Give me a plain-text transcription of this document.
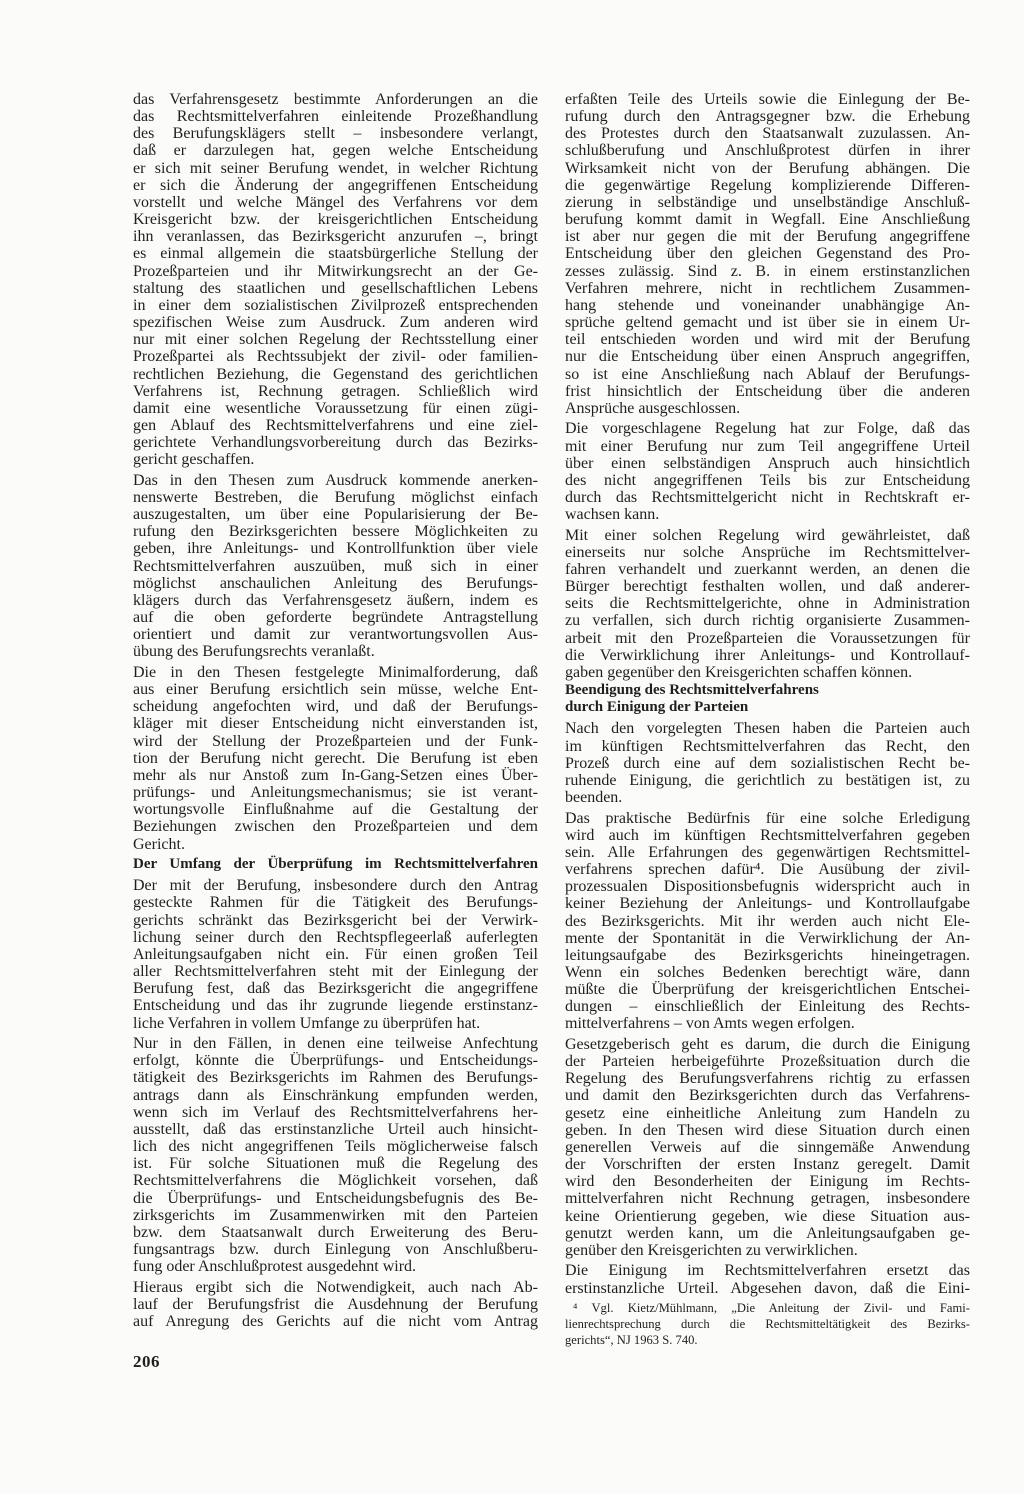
das Verfahrensgesetz bestimmte Anforderungen an die
das Rechtsmittelverfahren einleitende Prozeßhandlung
des Berufungsklägers stellt – insbesondere verlangt,
daß er darzulegen hat, gegen welche Entscheidung
er sich mit seiner Berufung wendet, in welcher Richtung
er sich die Änderung der angegriffenen Entscheidung
vorstellt und welche Mängel des Verfahrens vor dem
Kreisgericht bzw. der kreisgerichtlichen Entscheidung
ihn veranlassen, das Bezirksgericht anzurufen –, bringt
es einmal allgemein die staatsbürgerliche Stellung der
Prozeßparteien und ihr Mitwirkungsrecht an der Ge-
staltung des staatlichen und gesellschaftlichen Lebens
in einer dem sozialistischen Zivilprozeß entsprechenden
spezifischen Weise zum Ausdruck. Zum anderen wird
nur mit einer solchen Regelung der Rechtsstellung einer
Prozeßpartei als Rechtssubjekt der zivil- oder familien-
rechtlichen Beziehung, die Gegenstand des gerichtlichen
Verfahrens ist, Rechnung getragen. Schließlich wird
damit eine wesentliche Voraussetzung für einen zügi-
gen Ablauf des Rechtsmittelverfahrens und eine ziel-
gerichtete Verhandlungsvorbereitung durch das Bezirks-
gericht geschaffen.
Das in den Thesen zum Ausdruck kommende anerken-
nenswerte Bestreben, die Berufung möglichst einfach
auszugestalten, um über eine Popularisierung der Be-
rufung den Bezirksgerichten bessere Möglichkeiten zu
geben, ihre Anleitungs- und Kontrollfunktion über viele
Rechtsmittelverfahren auszuüben, muß sich in einer
möglichst anschaulichen Anleitung des Berufungs-
klägers durch das Verfahrensgesetz äußern, indem es
auf die oben geforderte begründete Antragstellung
orientiert und damit zur verantwortungsvollen Aus-
übung des Berufungsrechts veranlaßt.
Die in den Thesen festgelegte Minimalforderung, daß
aus einer Berufung ersichtlich sein müsse, welche Ent-
scheidung angefochten wird, und daß der Berufungs-
kläger mit dieser Entscheidung nicht einverstanden ist,
wird der Stellung der Prozeßparteien und der Funk-
tion der Berufung nicht gerecht. Die Berufung ist eben
mehr als nur Anstoß zum In-Gang-Setzen eines Über-
prüfungs- und Anleitungsmechanismus; sie ist verant-
wortungsvolle Einflußnahme auf die Gestaltung der
Beziehungen zwischen den Prozeßparteien und dem
Gericht.
Der Umfang der Überprüfung im Rechtsmittelverfahren
Der mit der Berufung, insbesondere durch den Antrag
gesteckte Rahmen für die Tätigkeit des Berufungs-
gerichts schränkt das Bezirksgericht bei der Verwirk-
lichung seiner durch den Rechtspflegeerlaß auferlegten
Anleitungsaufgaben nicht ein. Für einen großen Teil
aller Rechtsmittelverfahren steht mit der Einlegung der
Berufung fest, daß das Bezirksgericht die angegriffene
Entscheidung und das ihr zugrunde liegende erstinstanz-
liche Verfahren in vollem Umfange zu überprüfen hat.
Nur in den Fällen, in denen eine teilweise Anfechtung
erfolgt, könnte die Überprüfungs- und Entscheidungs-
tätigkeit des Bezirksgerichts im Rahmen des Berufungs-
antrags dann als Einschränkung empfunden werden,
wenn sich im Verlauf des Rechtsmittelverfahrens her-
ausstellt, daß das erstinstanzliche Urteil auch hinsicht-
lich des nicht angegriffenen Teils möglicherweise falsch
ist. Für solche Situationen muß die Regelung des
Rechtsmittelverfahrens die Möglichkeit vorsehen, daß
die Überprüfungs- und Entscheidungsbefugnis des Be-
zirksgerichts im Zusammenwirken mit den Parteien
bzw. dem Staatsanwalt durch Erweiterung des Beru-
fungsantrags bzw. durch Einlegung von Anschlußberu-
fung oder Anschlußprotest ausgedehnt wird.
Hieraus ergibt sich die Notwendigkeit, auch nach Ab-
lauf der Berufungsfrist die Ausdehnung der Berufung
auf Anregung des Gerichts auf die nicht vom Antrag
erfaßten Teile des Urteils sowie die Einlegung der Be-
rufung durch den Antragsgegner bzw. die Erhebung
des Protestes durch den Staatsanwalt zuzulassen. An-
schlußberufung und Anschlußprotest dürfen in ihrer
Wirksamkeit nicht von der Berufung abhängen. Die
die gegenwärtige Regelung komplizierende Differen-
zierung in selbständige und unselbständige Anschluß-
berufung kommt damit in Wegfall. Eine Anschließung
ist aber nur gegen die mit der Berufung angegriffene
Entscheidung über den gleichen Gegenstand des Pro-
zesses zulässig. Sind z. B. in einem erstinstanzlichen
Verfahren mehrere, nicht in rechtlichem Zusammen-
hang stehende und voneinander unabhängige An-
sprüche geltend gemacht und ist über sie in einem Ur-
teil entschieden worden und wird mit der Berufung
nur die Entscheidung über einen Anspruch angegriffen,
so ist eine Anschließung nach Ablauf der Berufungs-
frist hinsichtlich der Entscheidung über die anderen
Ansprüche ausgeschlossen.
Die vorgeschlagene Regelung hat zur Folge, daß das
mit einer Berufung nur zum Teil angegriffene Urteil
über einen selbständigen Anspruch auch hinsichtlich
des nicht angegriffenen Teils bis zur Entscheidung
durch das Rechtsmittelgericht nicht in Rechtskraft er-
wachsen kann.
Mit einer solchen Regelung wird gewährleistet, daß
einerseits nur solche Ansprüche im Rechtsmittelver-
fahren verhandelt und zuerkannt werden, an denen die
Bürger berechtigt festhalten wollen, und daß anderer-
seits die Rechtsmittelgerichte, ohne in Administration
zu verfallen, sich durch richtig organisierte Zusammen-
arbeit mit den Prozeßparteien die Voraussetzungen für
die Verwirklichung ihrer Anleitungs- und Kontrollauf-
gaben gegenüber den Kreisgerichten schaffen können.
Beendigung des Rechtsmittelverfahrens
durch Einigung der Parteien
Nach den vorgelegten Thesen haben die Parteien auch
im künftigen Rechtsmittelverfahren das Recht, den
Prozeß durch eine auf dem sozialistischen Recht be-
ruhende Einigung, die gerichtlich zu bestätigen ist, zu
beenden.
Das praktische Bedürfnis für eine solche Erledigung
wird auch im künftigen Rechtsmittelverfahren gegeben
sein. Alle Erfahrungen des gegenwärtigen Rechtsmittel-
verfahrens sprechen dafür⁴. Die Ausübung der zivil-
prozessualen Dispositionsbefugnis widerspricht auch in
keiner Beziehung der Anleitungs- und Kontrollaufgabe
des Bezirksgerichts. Mit ihr werden auch nicht Ele-
mente der Spontanität in die Verwirklichung der An-
leitungsaufgabe des Bezirksgerichts hineingetragen.
Wenn ein solches Bedenken berechtigt wäre, dann
müßte die Überprüfung der kreisgerichtlichen Entschei-
dungen – einschließlich der Einleitung des Rechts-
mittelverfahrens – von Amts wegen erfolgen.
Gesetzgeberisch geht es darum, die durch die Einigung
der Parteien herbeigeführte Prozeßsituation durch die
Regelung des Berufungsverfahrens richtig zu erfassen
und damit den Bezirksgerichten durch das Verfahrens-
gesetz eine einheitliche Anleitung zum Handeln zu
geben. In den Thesen wird diese Situation durch einen
generellen Verweis auf die sinngemäße Anwendung
der Vorschriften der ersten Instanz geregelt. Damit
wird den Besonderheiten der Einigung im Rechts-
mittelverfahren nicht Rechnung getragen, insbesondere
keine Orientierung gegeben, wie diese Situation aus-
genutzt werden kann, um die Anleitungsaufgaben ge-
genüber den Kreisgerichten zu verwirklichen.
Die Einigung im Rechtsmittelverfahren ersetzt das
erstinstanzliche Urteil. Abgesehen davon, daß die Eini-
⁴ Vgl. Kietz/Mühlmann, „Die Anleitung der Zivil- und Fami-
lienrechtsprechung durch die Rechtsmitteltätigkeit des Bezirks-
gerichts“, NJ 1963 S. 740.
206
